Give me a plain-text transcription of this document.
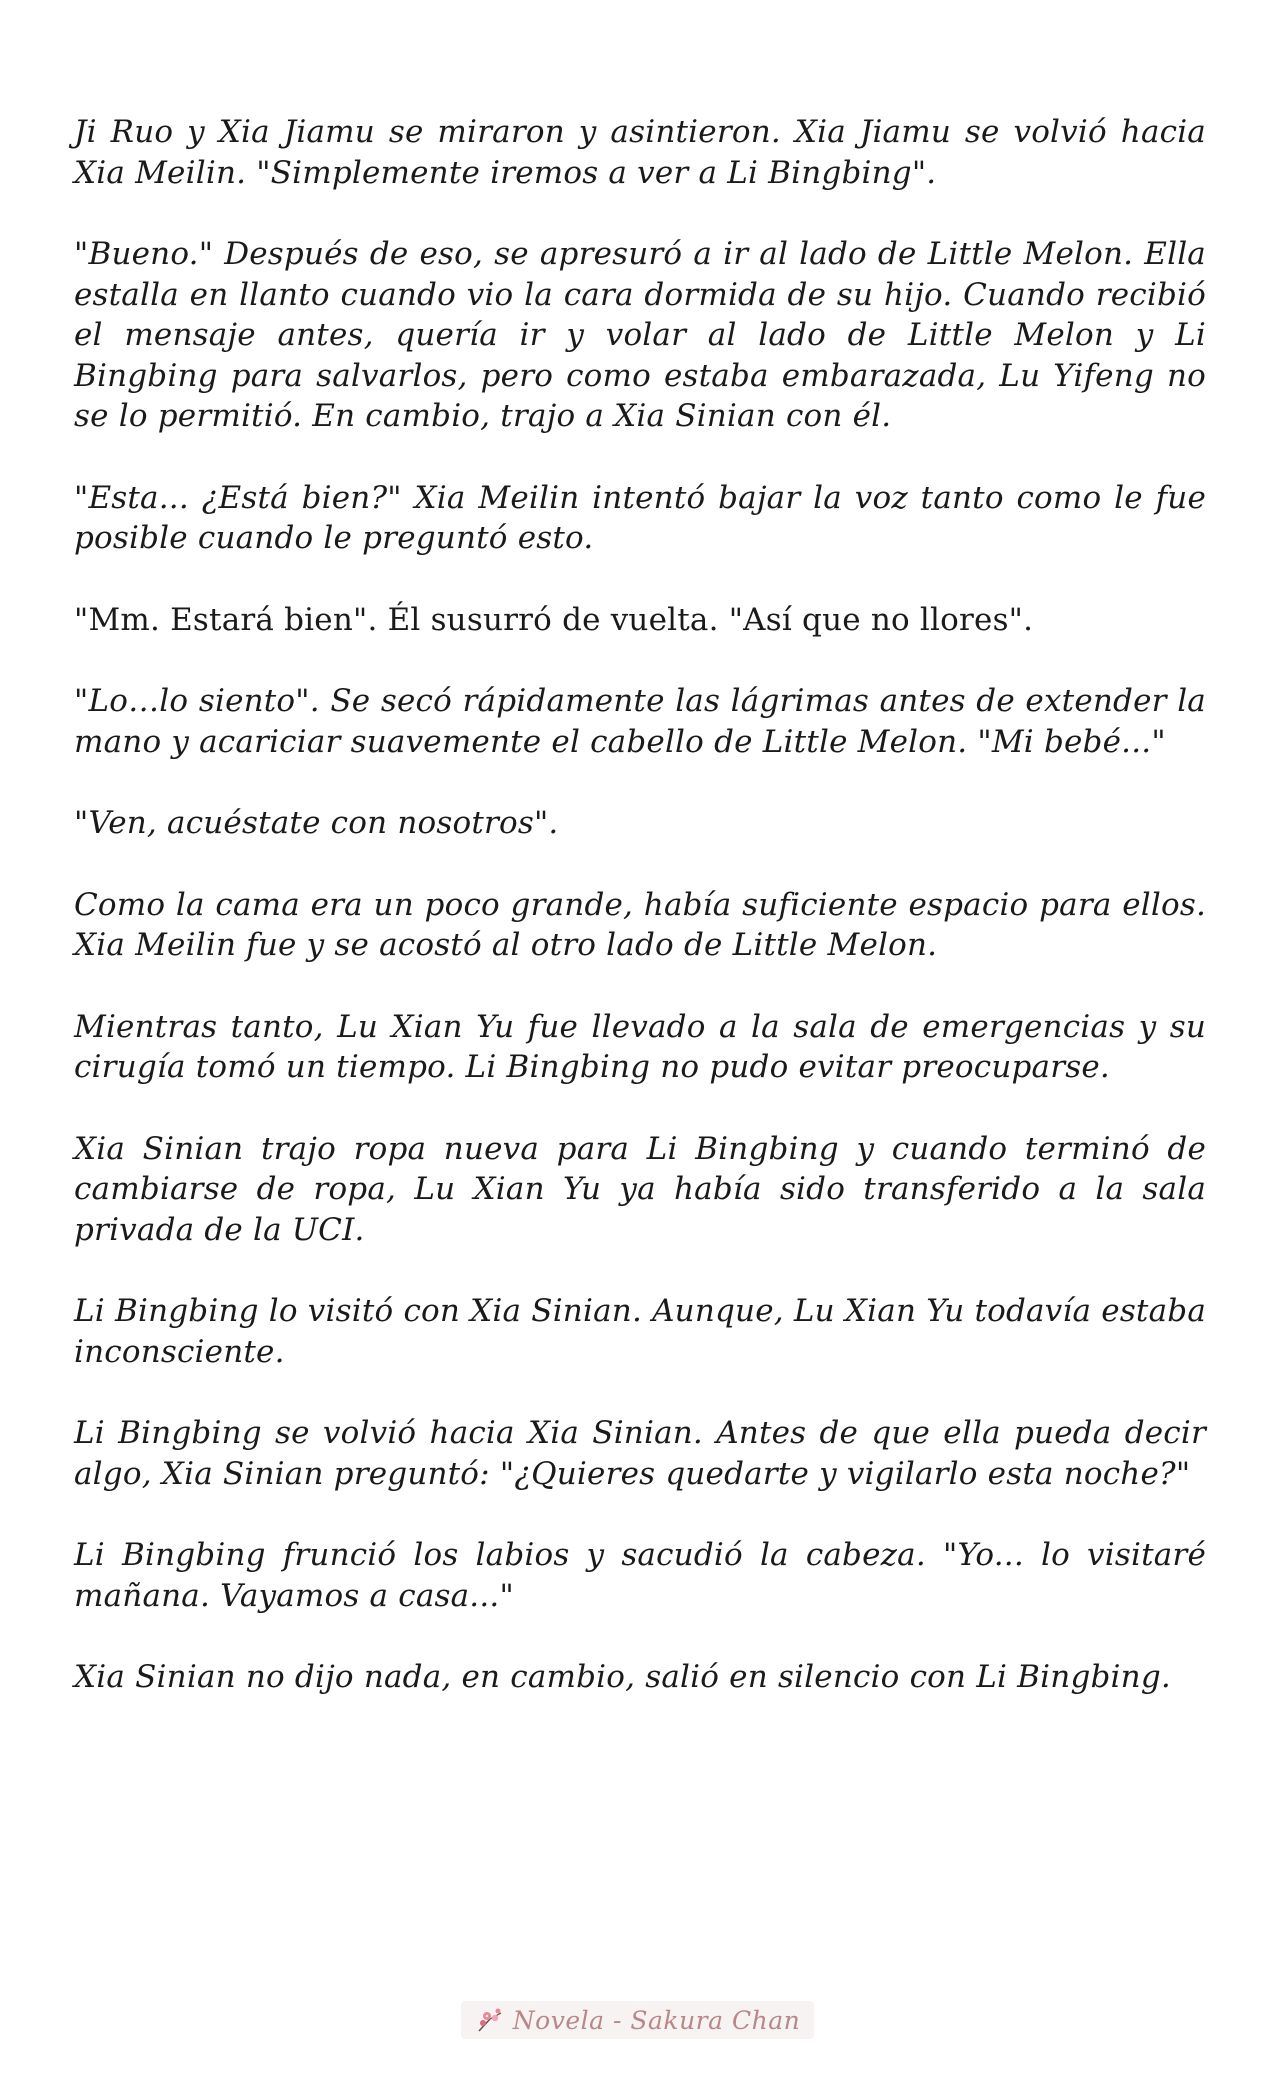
Ji Ruo y Xia Jiamu se miraron y asintieron. Xia Jiamu se volvió hacia Xia Meilin. "Simplemente iremos a ver a Li Bingbing".

"Bueno." Después de eso, se apresuró a ir al lado de Little Melon. Ella estalla en llanto cuando vio la cara dormida de su hijo. Cuando recibió el mensaje antes, quería ir y volar al lado de Little Melon y Li Bingbing para salvarlos, pero como estaba embarazada, Lu Yifeng no se lo permitió. En cambio, trajo a Xia Sinian con él.

"Esta... ¿Está bien?" Xia Meilin intentó bajar la voz tanto como le fue posible cuando le preguntó esto.

"Mm. Estará bien". Él susurró de vuelta. "Así que no llores".

"Lo…lo siento". Se secó rápidamente las lágrimas antes de extender la mano y acariciar suavemente el cabello de Little Melon. "Mi bebé..."

"Ven, acuéstate con nosotros".

Como la cama era un poco grande, había suficiente espacio para ellos. Xia Meilin fue y se acostó al otro lado de Little Melon.

Mientras tanto, Lu Xian Yu fue llevado a la sala de emergencias y su cirugía tomó un tiempo. Li Bingbing no pudo evitar preocuparse.

Xia Sinian trajo ropa nueva para Li Bingbing y cuando terminó de cambiarse de ropa, Lu Xian Yu ya había sido transferido a la sala privada de la UCI.

Li Bingbing lo visitó con Xia Sinian. Aunque, Lu Xian Yu todavía estaba inconsciente.

Li Bingbing se volvió hacia Xia Sinian. Antes de que ella pueda decir algo, Xia Sinian preguntó: "¿Quieres quedarte y vigilarlo esta noche?"

Li Bingbing frunció los labios y sacudió la cabeza. "Yo... lo visitaré mañana. Vayamos a casa..."

Xia Sinian no dijo nada, en cambio, salió en silencio con Li Bingbing.

Novela - Sakura Chan
